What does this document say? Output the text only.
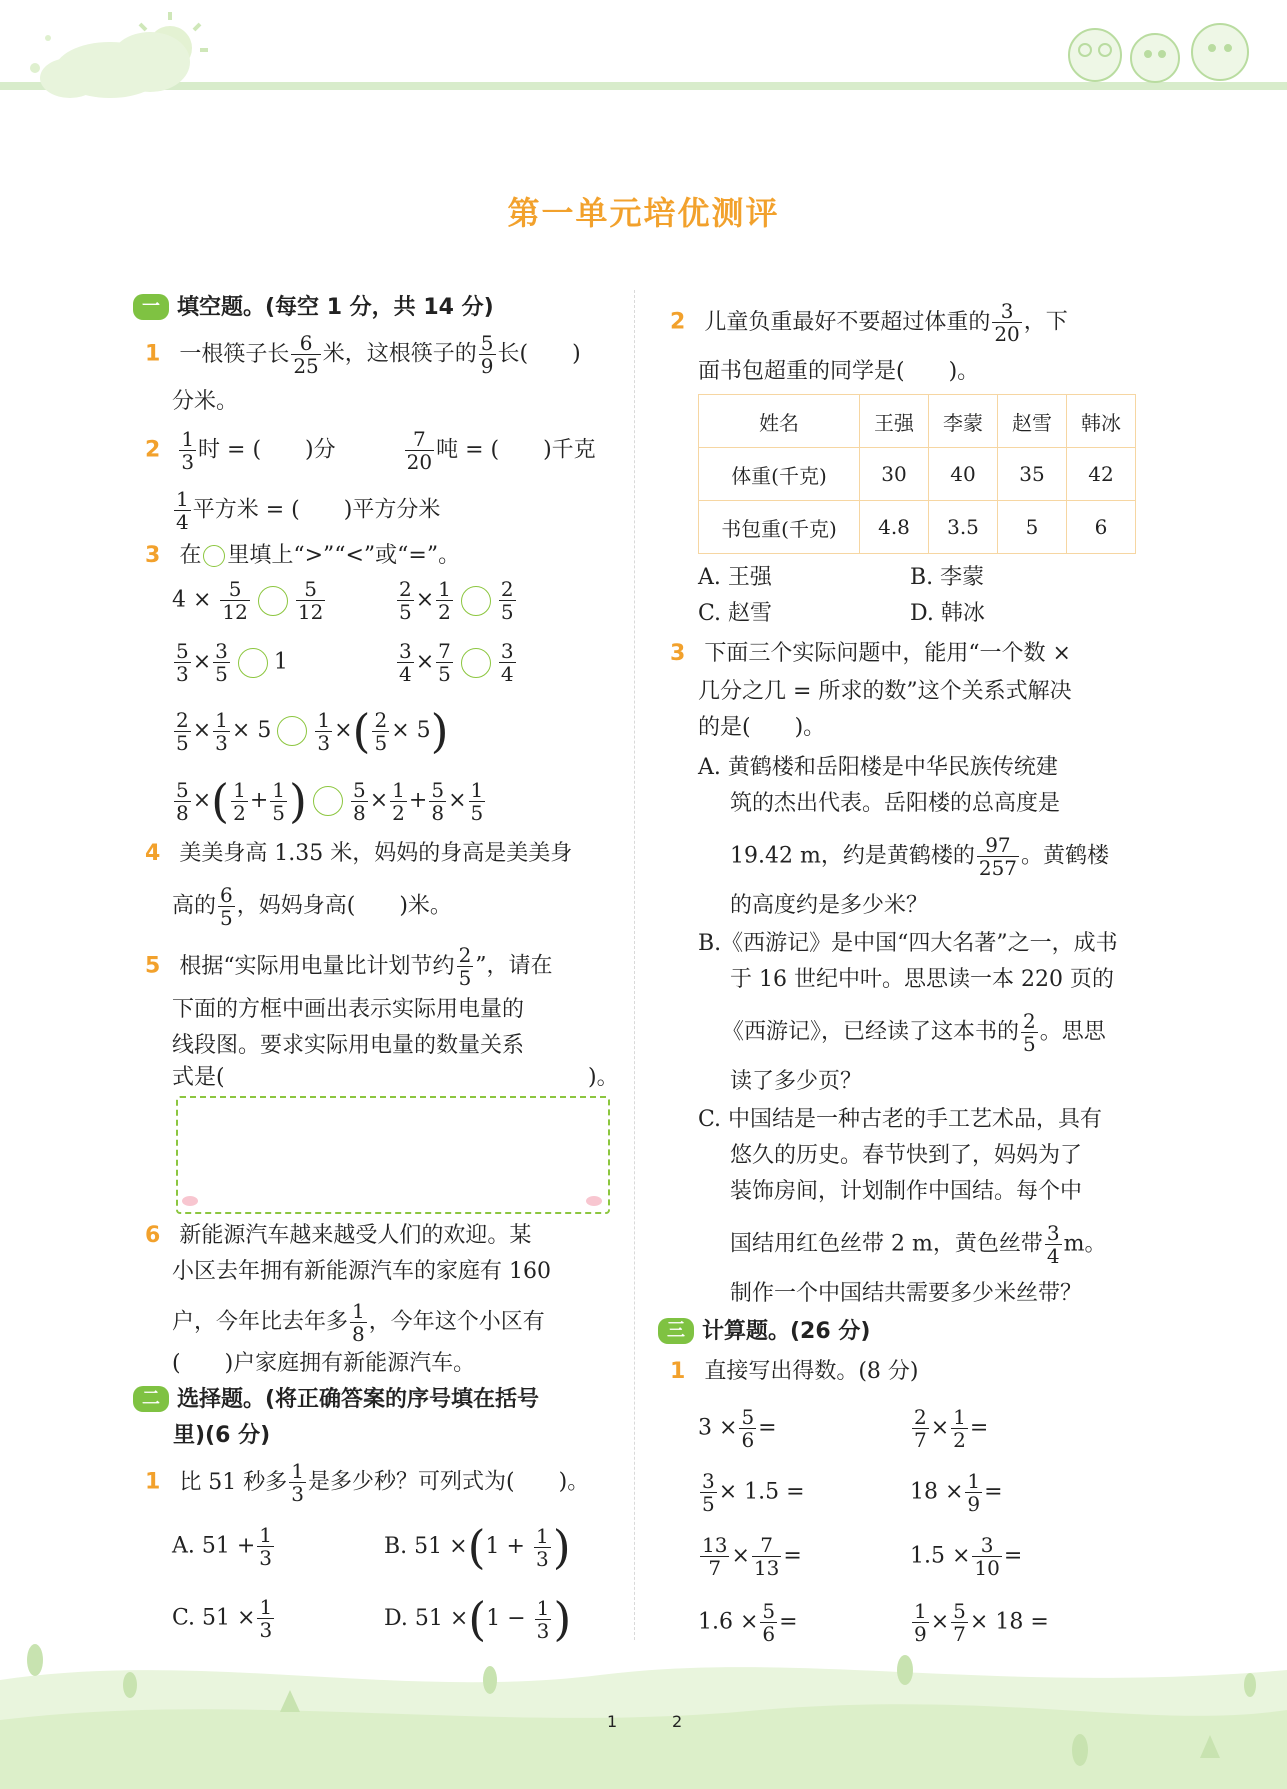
第一单元培优测评
一 填空题。(每空 1 分，共 14 分)
1 一根筷子长 $\frac{6}{25}$ 米，这根筷子的 $\frac{5}{9}$ 长(　　)
分米。
$2 \frac{1}{3}$ 时 = (　　)分	$\frac{7}{20}$ 吨 = (　　)千克
$\frac{1}{4}$ 平方米 = (　　)平方分米
3 在 里填上“>”“<”或“=”。
$4 \times \frac{5}{12} \frac{5}{12}$	$\frac{2}{5} \times \frac{1}{2} \frac{2}{5}$
$\frac{5}{3} \times \frac{3}{5} 1$	$\frac{3}{4} \times \frac{7}{5} \frac{3}{4}$
$\frac{2}{5} \times \frac{1}{3} \times 5 \frac{1}{3}$ ×( $\frac{2}{5} \times 5$)
$\frac{5}{8}$ ×( $\frac{1}{2} + \frac{1}{5}$ ) $\frac{5}{8} \times \frac{1}{2} + \frac{5}{8} \times \frac{1}{5}$
4 美美身高 1.35 米，妈妈的身高是美美身
高的 $\frac{6}{5}$ ，妈妈身高(　　)米。
5 根据“实际用电量比计划节约 $\frac{2}{5}$ ”，请在
下面的方框中画出表示实际用电量的
线段图。要求实际用电量的数量关系
式是(	)。
6 新能源汽车越来越受人们的欢迎。某
小区去年拥有新能源汽车的家庭有 160
户，今年比去年多 $\frac{1}{8}$ ，今年这个小区有
(　　)户家庭拥有新能源汽车。
二 选择题。(将正确答案的序号填在括号
里)(6 分)
1 比 51 秒多 $\frac{1}{3}$ 是多少秒？可列式为(　　)。
A. $51 + \frac{1}{3}$	B. $51 \times(1 + \frac{1}{3}$ )
C. $51 \times \frac{1}{3}$	D. $51 \times(1 - \frac{1}{3}$ )
2 儿童负重最好不要超过体重的 $\frac{3}{20}$ ，下
面书包超重的同学是(　　)。
姓名	王强	李蒙	赵雪	韩冰
体重(千克)	30	40	35	42
书包重(千克)	4.8	3.5	5	6
A. 王强	B. 李蒙
C. 赵雪	D. 韩冰
3 下面三个实际问题中，能用“一个数 ×
几分之几 = 所求的数”这个关系式解决
的是(　　)。
A. 黄鹤楼和岳阳楼是中华民族传统建
筑的杰出代表。岳阳楼的总高度是
19.42 m，约是黄鹤楼的 $\frac{97}{257}$ 。黄鹤楼
的高度约是多少米？
B.《西游记》是中国“四大名著”之一，成书
于 16 世纪中叶。思思读一本 220 页的
《西游记》，已经读了这本书的 $\frac{2}{5}$ 。思思
读了多少页？
C. 中国结是一种古老的手工艺术品，具有
悠久的历史。春节快到了，妈妈为了
装饰房间，计划制作中国结。每个中
国结用红色丝带 2 m，黄色丝带 $\frac{3}{4}$ m。
制作一个中国结共需要多少米丝带？
三 计算题。(26 分)
1 直接写出得数。(8 分)
$3 \times \frac{5}{6}$ =	$\frac{2}{7} \times \frac{1}{2}$ =
$\frac{3}{5} \times 1.5$ =	$18 \times \frac{1}{9}$ =
$\frac{13}{7} \times \frac{7}{13}$ =	$1.5 \times \frac{3}{10}$ =
$1.6 \times \frac{5}{6}$ =	$\frac{1}{9} \times \frac{5}{7} \times 18$ =
1	2
